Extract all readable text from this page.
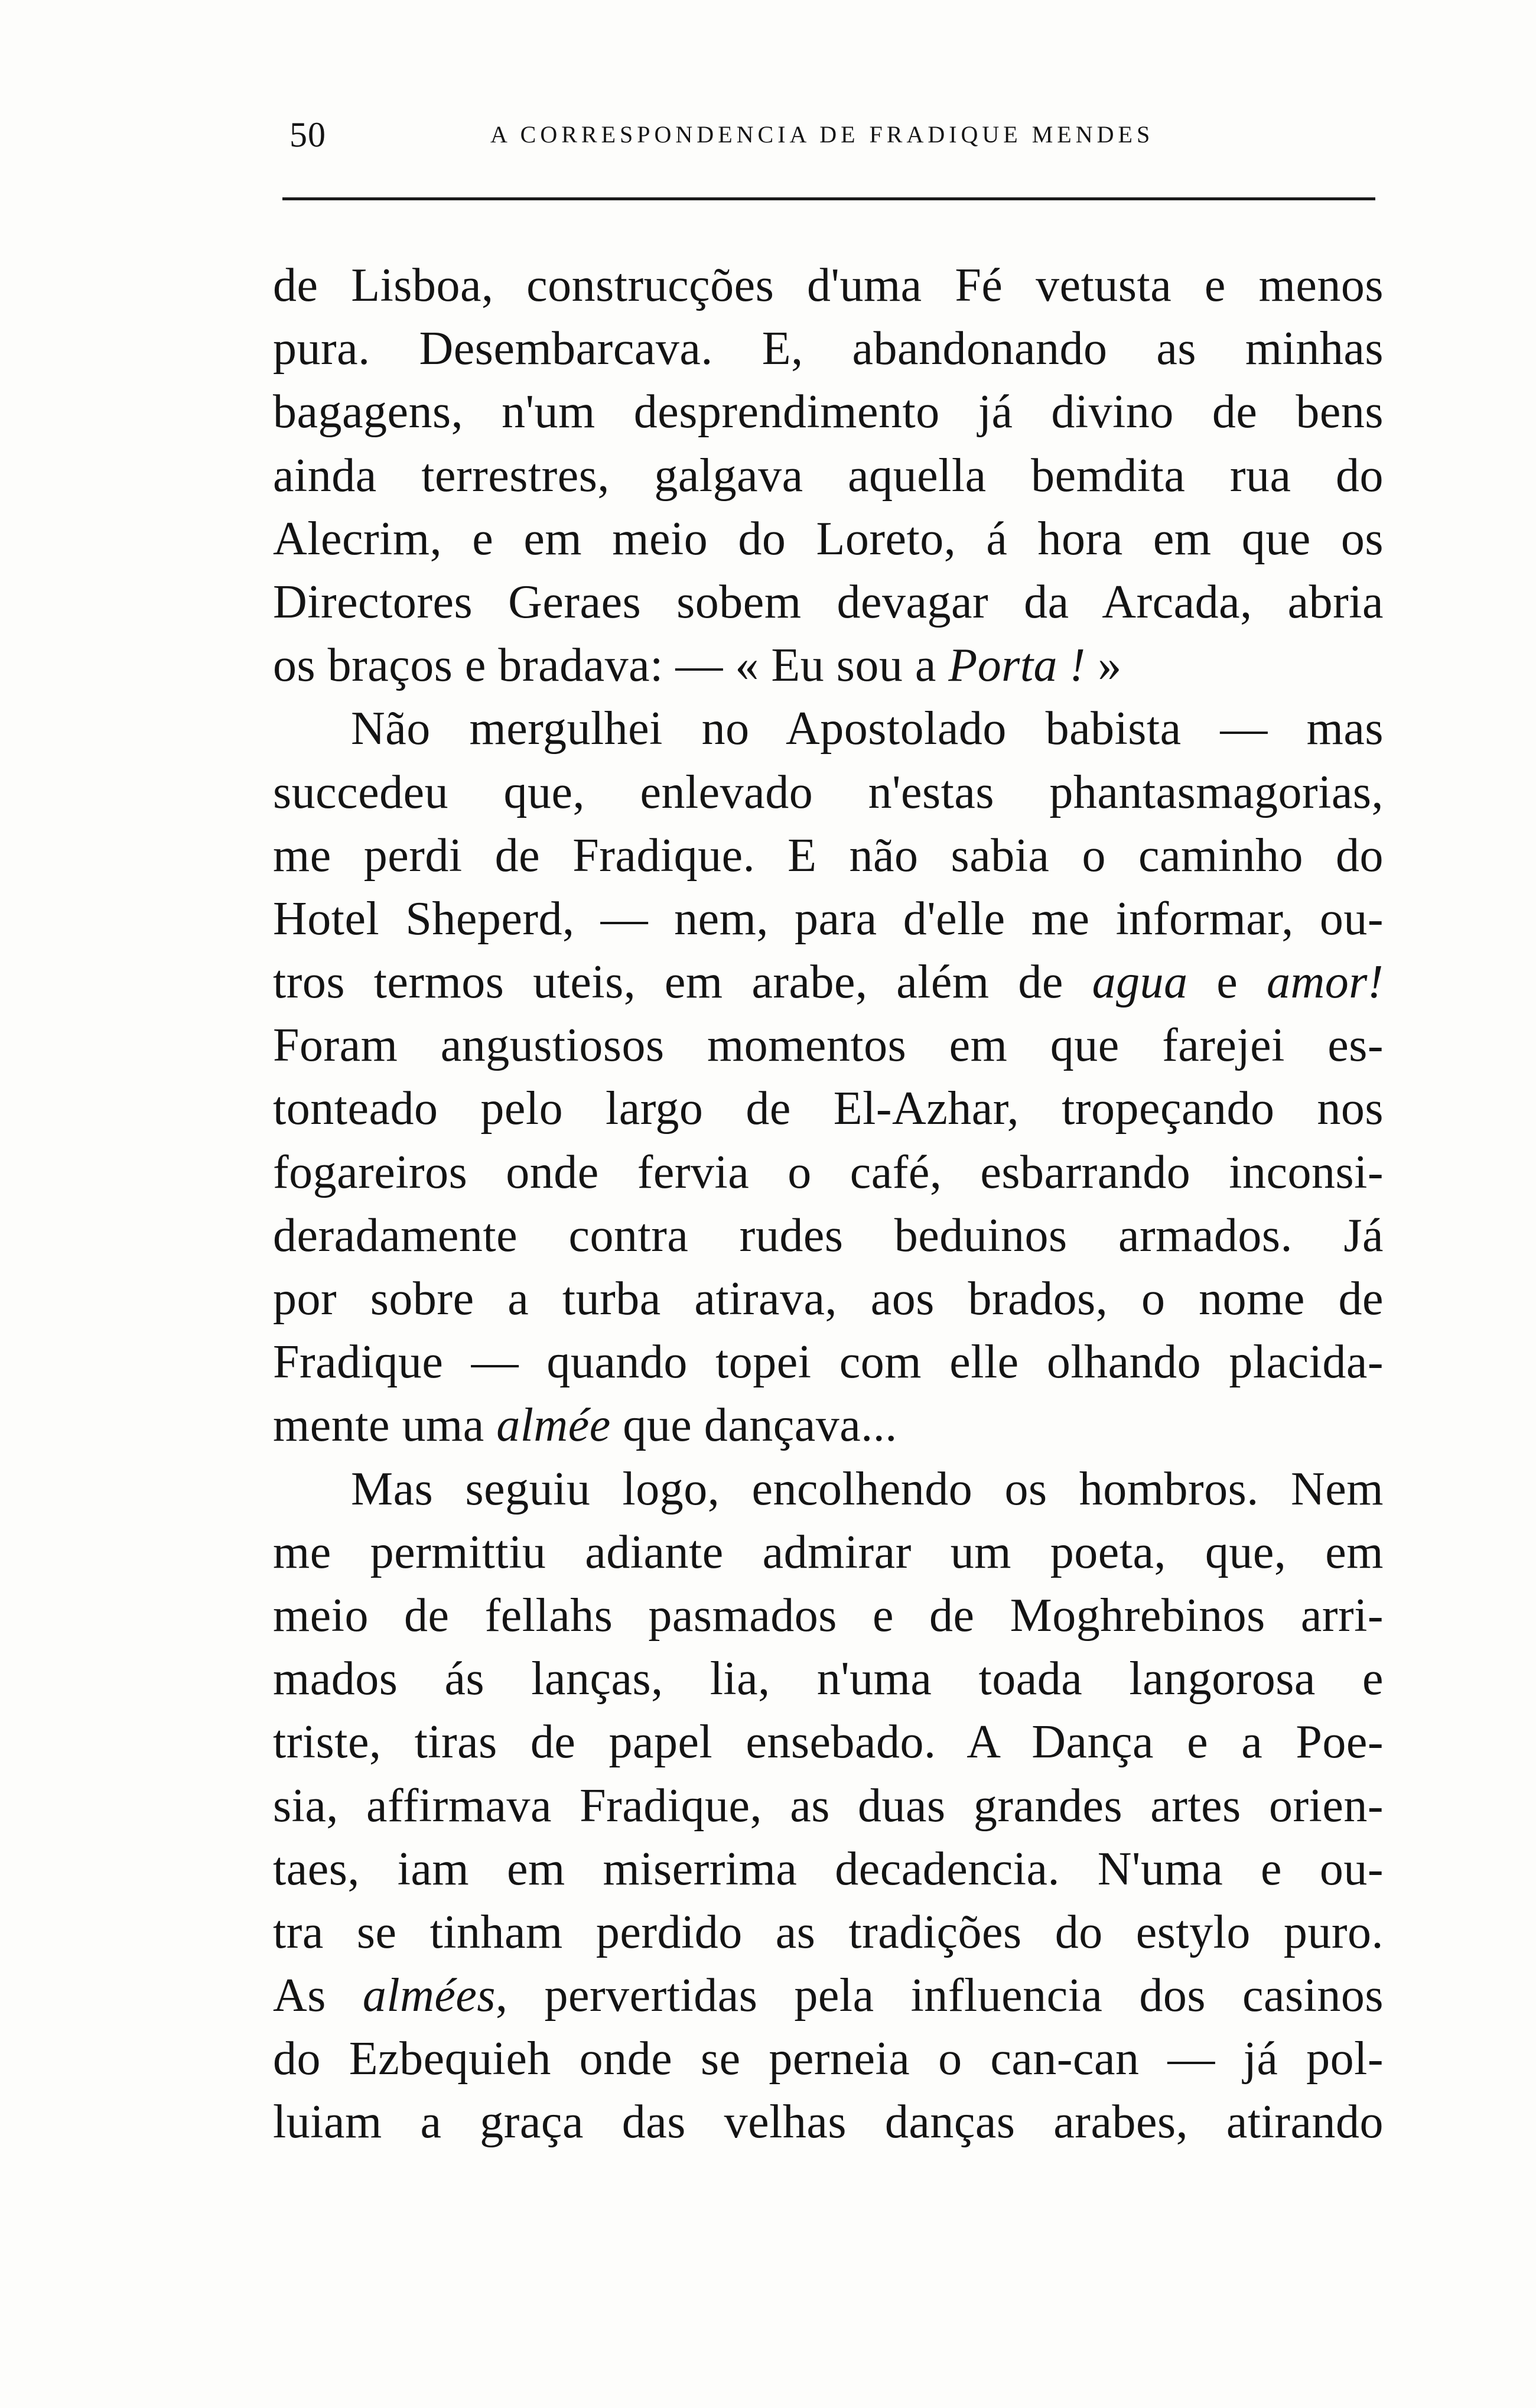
50	A CORRESPONDENCIA DE FRADIQUE MENDES
de Lisboa, construcções d'uma Fé vetusta e menos
pura. Desembarcava. E, abandonando as minhas
bagagens, n'um desprendimento já divino de bens
ainda terrestres, galgava aquella bemdita rua do
Alecrim, e em meio do Loreto, á hora em que os
Directores Geraes sobem devagar da Arcada, abria
os braços e bradava: — « Eu sou a Porta ! »
Não mergulhei no Apostolado babista — mas
succedeu que, enlevado n'estas phantasmagorias,
me perdi de Fradique. E não sabia o caminho do
Hotel Sheperd, — nem, para d'elle me informar, ou-
tros termos uteis, em arabe, além de agua e amor!
Foram angustiosos momentos em que farejei es-
tonteado pelo largo de El-Azhar, tropeçando nos
fogareiros onde fervia o café, esbarrando inconsi-
deradamente contra rudes beduinos armados. Já
por sobre a turba atirava, aos brados, o nome de
Fradique — quando topei com elle olhando placida-
mente uma almée que dançava...
Mas seguiu logo, encolhendo os hombros. Nem
me permittiu adiante admirar um poeta, que, em
meio de fellahs pasmados e de Moghrebinos arri-
mados ás lanças, lia, n'uma toada langorosa e
triste, tiras de papel ensebado. A Dança e a Poe-
sia, affirmava Fradique, as duas grandes artes orien-
taes, iam em miserrima decadencia. N'uma e ou-
tra se tinham perdido as tradições do estylo puro.
As almées, pervertidas pela influencia dos casinos
do Ezbequieh onde se perneia o can-can — já pol-
luiam a graça das velhas danças arabes, atirando
